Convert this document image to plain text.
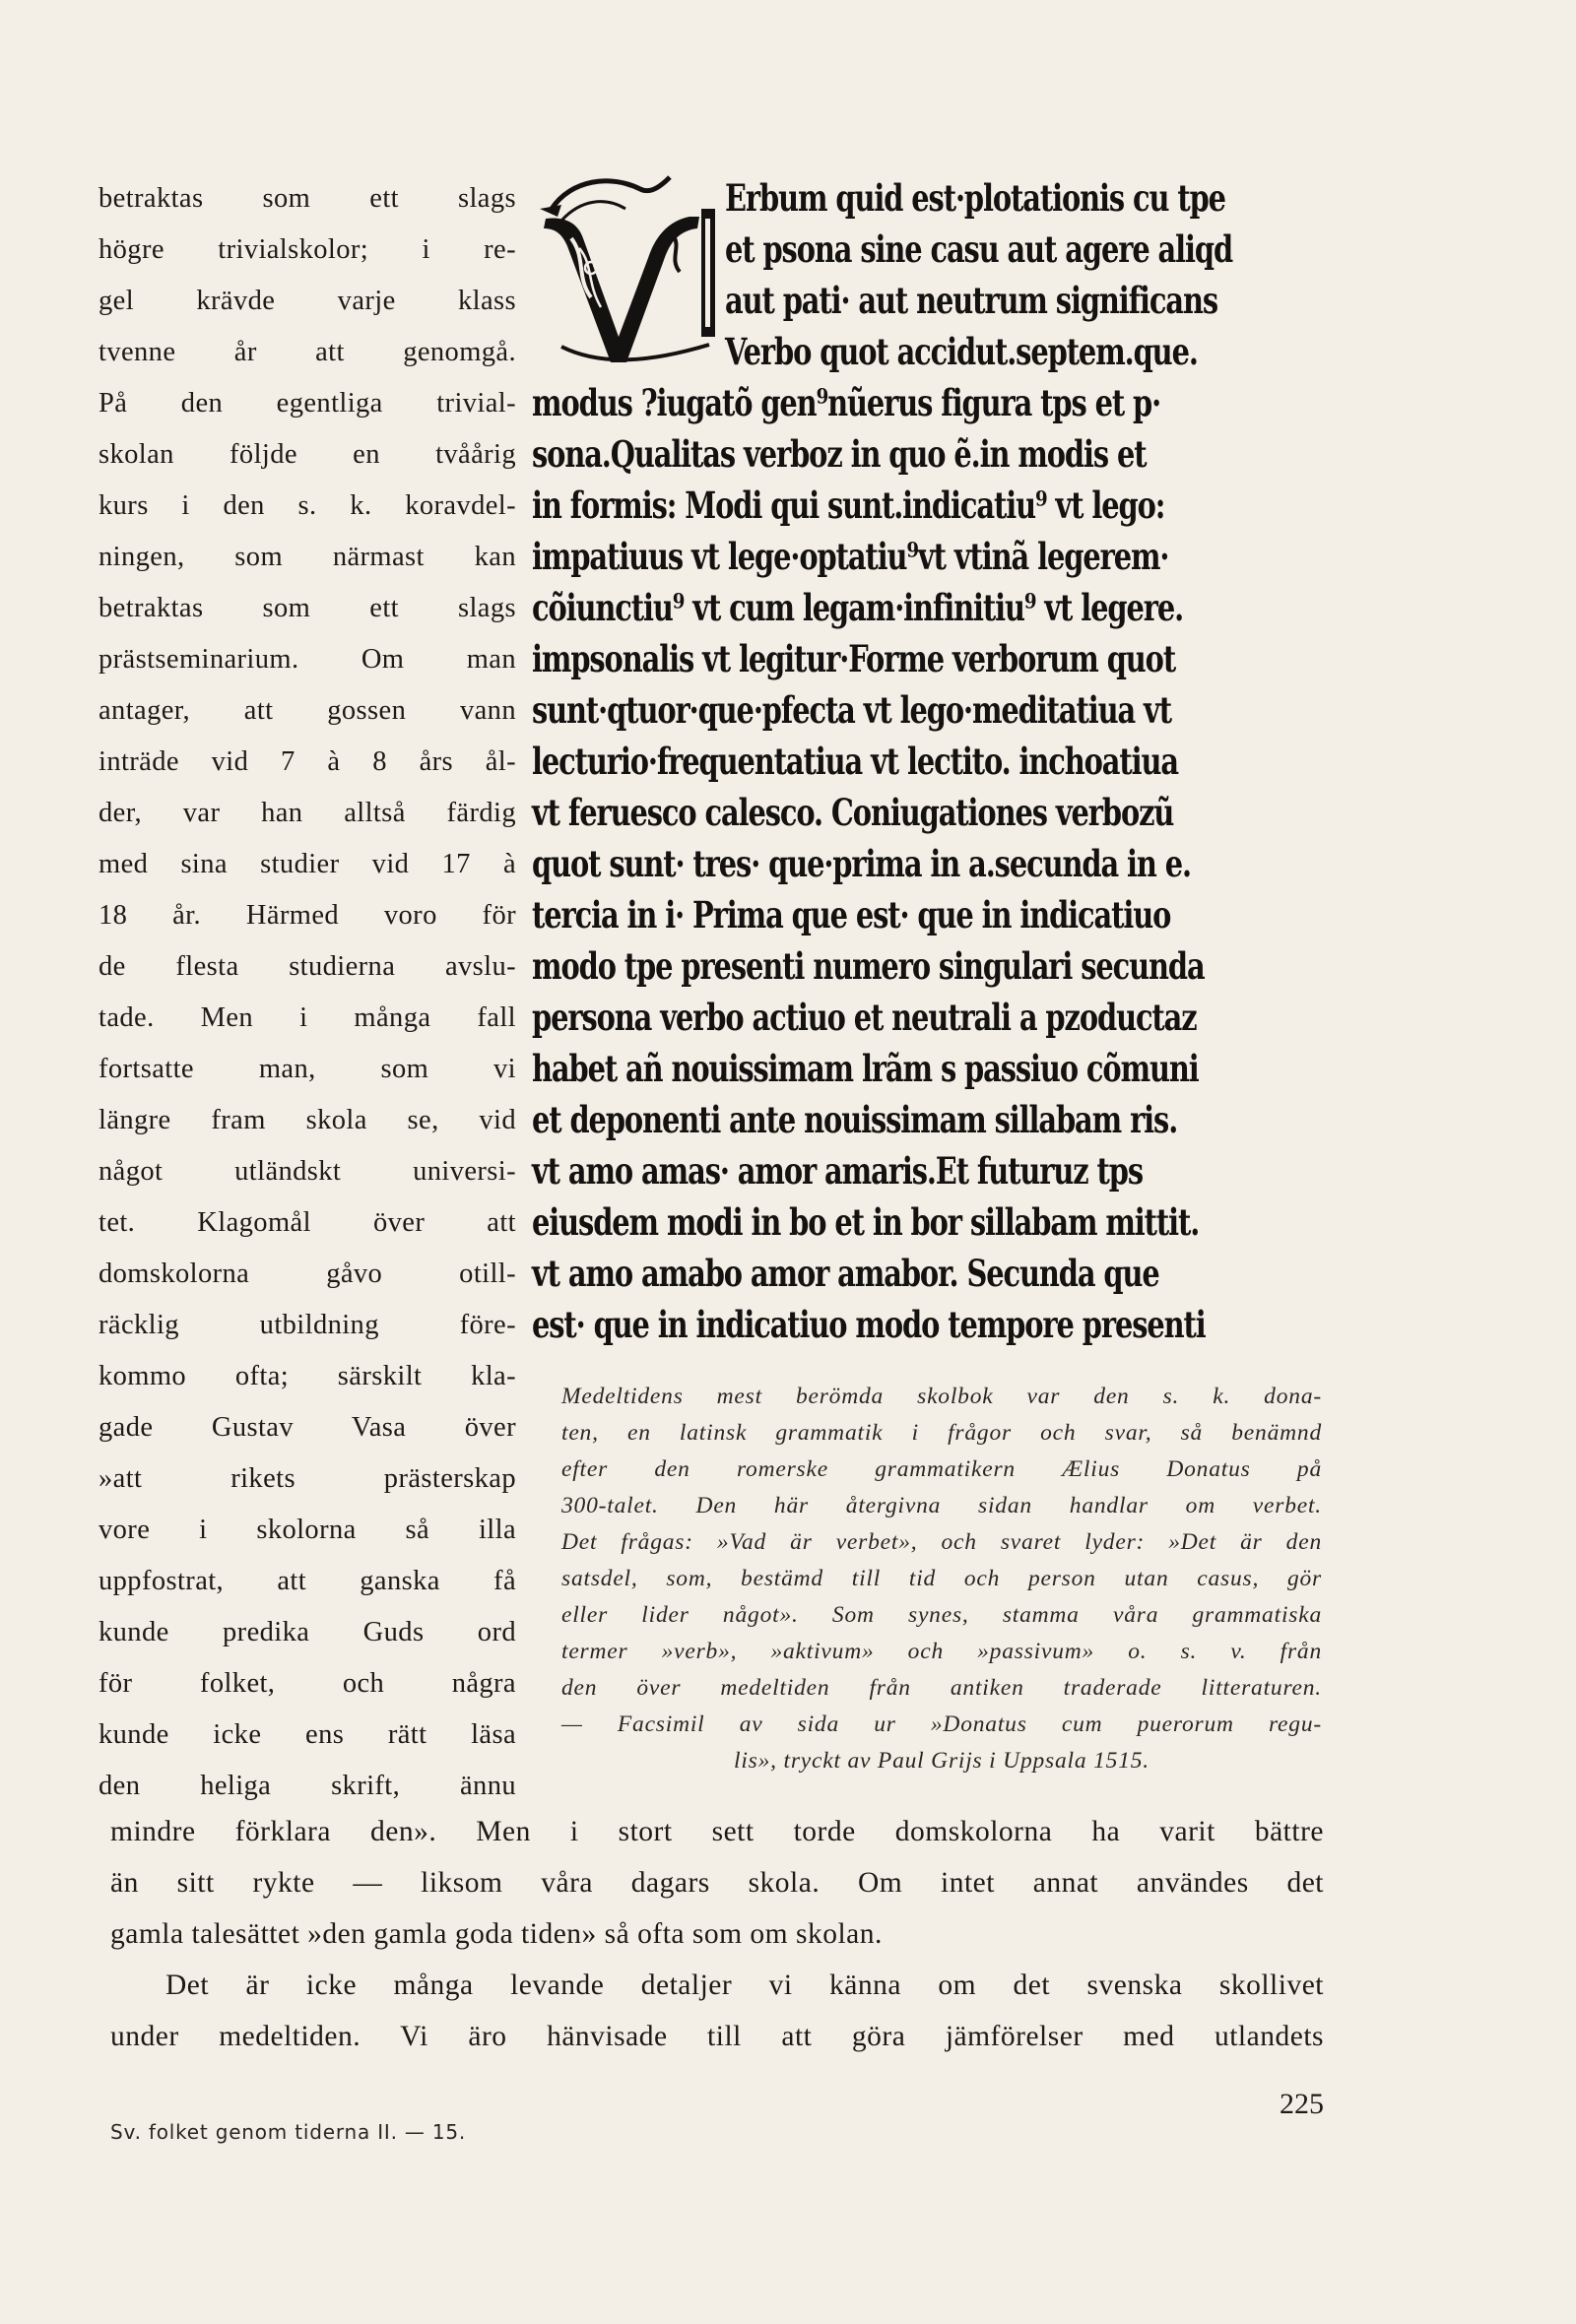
betraktas som ett slags
högre trivialskolor; i re-
gel krävde varje klass
tvenne år att genomgå.
På den egentliga trivial-
skolan följde en tvåårig
kurs i den s. k. koravdel-
ningen, som närmast kan
betraktas som ett slags
prästseminarium. Om man
antager, att gossen vann
inträde vid 7 à 8 års ål-
der, var han alltså färdig
med sina studier vid 17 à
18 år. Härmed voro för
de flesta studierna avslu-
tade. Men i många fall
fortsatte man, som vi
längre fram skola se, vid
något utländskt universi-
tet. Klagomål över att
domskolorna gåvo otill-
räcklig utbildning före-
kommo ofta; särskilt kla-
gade Gustav Vasa över
»att rikets prästerskap
vore i skolorna så illa
uppfostrat, att ganska få
kunde predika Guds ord
för folket, och några
kunde icke ens rätt läsa
den heliga skrift, ännu
Erbum quid est·plotationis cu tpe
et psona sine casu aut agere aliqd
aut pati· aut neutrum significans
Verbo quot accidut.septem.que.
modus ?iugatõ gen⁹nũerus figura tps et p·
sona.Qualitas verboz in quo ẽ.in modis et
in formis: Modi qui sunt.indicatiu⁹ vt lego:
impatiuus vt lege·optatiu⁹vt vtinã legerem·
cõiunctiu⁹ vt cum legam·infinitiu⁹ vt legere.
impsonalis vt legitur·Forme verborum quot
sunt·qtuor·que·pfecta vt lego·meditatiua vt
lecturio·frequentatiua vt lectito. inchoatiua
vt feruesco calesco. Coniugationes verbozũ
quot sunt· tres· que·prima in a.secunda in e.
tercia in i· Prima que est· que in indicatiuo
modo tpe presenti numero singulari secunda
persona verbo actiuo et neutrali a pzoductaz
habet añ nouissimam lrãm s passiuo cõmuni
et deponenti ante nouissimam sillabam ris.
vt amo amas· amor amaris.Et futuruz tps
eiusdem modi in bo et in bor sillabam mittit.
vt amo amabo amor amabor. Secunda que
est· que in indicatiuo modo tempore presenti
Medeltidens mest berömda skolbok var den s. k. dona-
ten, en latinsk grammatik i frågor och svar, så benämnd
efter den romerske grammatikern Ælius Donatus på
300-talet. Den här återgivna sidan handlar om verbet.
Det frågas: »Vad är verbet», och svaret lyder: »Det är den
satsdel, som, bestämd till tid och person utan casus, gör
eller lider något». Som synes, stamma våra grammatiska
termer »verb», »aktivum» och »passivum» o. s. v. från
den över medeltiden från antiken traderade litteraturen.
— Facsimil av sida ur »Donatus cum puerorum regu-
lis», tryckt av Paul Grijs i Uppsala 1515.
mindre förklara den». Men i stort sett torde domskolorna ha varit bättre
än sitt rykte — liksom våra dagars skola. Om intet annat användes det
gamla talesättet »den gamla goda tiden» så ofta som om skolan.
Det är icke många levande detaljer vi känna om det svenska skollivet
under medeltiden. Vi äro hänvisade till att göra jämförelser med utlandets
Sv. folket genom tiderna II. — 15.
225
